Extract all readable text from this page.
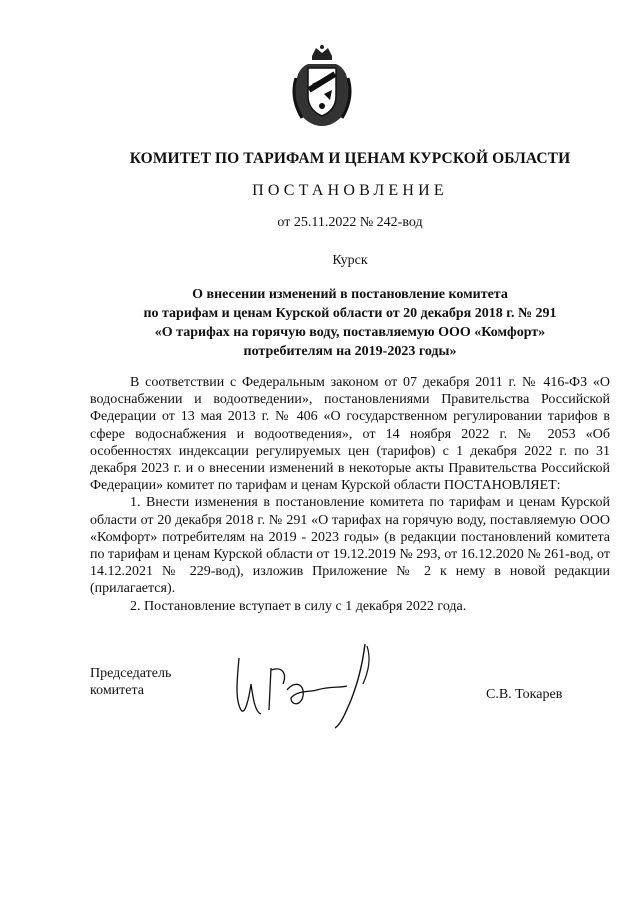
КОМИТЕТ ПО ТАРИФАМ И ЦЕНАМ КУРСКОЙ ОБЛАСТИ
ПОСТАНОВЛЕНИЕ
от 25.11.2022 № 242-вод
Курск
О внесении изменений в постановление комитета
по тарифам и ценам Курской области от 20 декабря 2018 г. № 291
«О тарифах на горячую воду, поставляемую ООО «Комфорт»
потребителям на 2019-2023 годы»

В соответствии с Федеральным законом от 07 декабря 2011 г. № 416-ФЗ «О водоснабжении и водоотведении», постановлениями Правительства Российской Федерации от 13 мая 2013 г. № 406 «О государственном регулировании тарифов в сфере водоснабжения и водоотведения», от 14 ноября 2022 г. № 2053 «Об особенностях индексации регулируемых цен (тарифов) с 1 декабря 2022 г. по 31 декабря 2023 г. и о внесении изменений в некоторые акты Правительства Российской Федерации» комитет по тарифам и ценам Курской области ПОСТАНОВЛЯЕТ:

1. Внести изменения в постановление комитета по тарифам и ценам Курской области от 20 декабря 2018 г. № 291 «О тарифах на горячую воду, поставляемую ООО «Комфорт» потребителям на 2019 - 2023 годы» (в редакции постановлений комитета по тарифам и ценам Курской области от 19.12.2019 № 293, от 16.12.2020 № 261-вод, от 14.12.2021 № 229-вод), изложив Приложение № 2 к нему в новой редакции (прилагается).

2. Постановление вступает в силу с 1 декабря 2022 года.

Председатель
комитета	С.В. Токарев
